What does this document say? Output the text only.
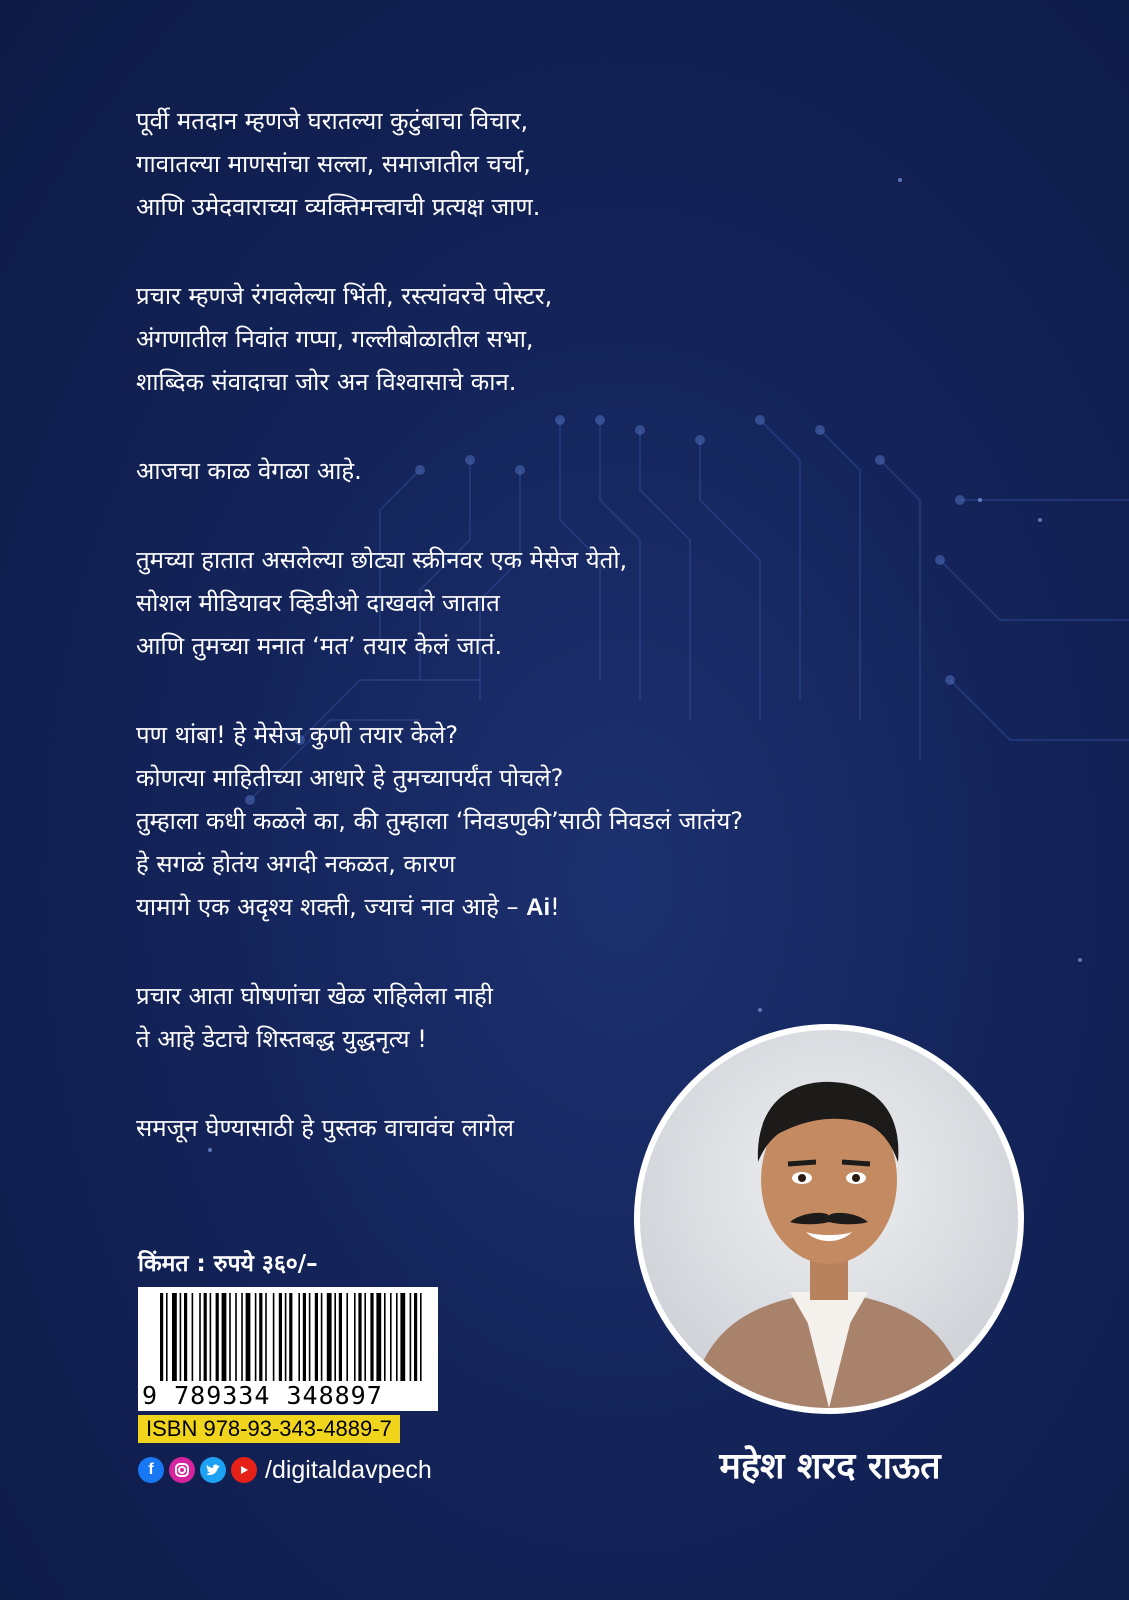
पूर्वी मतदान म्हणजे घरातल्या कुटुंबाचा विचार,
गावातल्या माणसांचा सल्ला, समाजातील चर्चा,
आणि उमेदवाराच्या व्यक्तिमत्त्वाची प्रत्यक्ष जाण.

प्रचार म्हणजे रंगवलेल्या भिंती, रस्त्यांवरचे पोस्टर,
अंगणातील निवांत गप्पा, गल्लीबोळातील सभा,
शाब्दिक संवादाचा जोर अन विश्वासाचे कान.

आजचा काळ वेगळा आहे.

तुमच्या हातात असलेल्या छोट्या स्क्रीनवर एक मेसेज येतो,
सोशल मीडियावर व्हिडीओ दाखवले जातात
आणि तुमच्या मनात ‘मत’ तयार केलं जातं.

पण थांबा! हे मेसेज कुणी तयार केले?
कोणत्या माहितीच्या आधारे हे तुमच्यापर्यंत पोचले?
तुम्हाला कधी कळले का, की तुम्हाला ‘निवडणुकी’साठी निवडलं जातंय?
हे सगळं होतंय अगदी नकळत, कारण
यामागे एक अदृश्य शक्ती, ज्याचं नाव आहे – Ai!

प्रचार आता घोषणांचा खेळ राहिलेला नाही
ते आहे डेटाचे शिस्तबद्ध युद्धनृत्य !

समजून घेण्यासाठी हे पुस्तक वाचावंच लागेल

किंमत : रुपये ३६०/–
9 789334 348897
ISBN 978-93-343-4889-7
f	/digitaldavpech	महेश शरद राऊत
